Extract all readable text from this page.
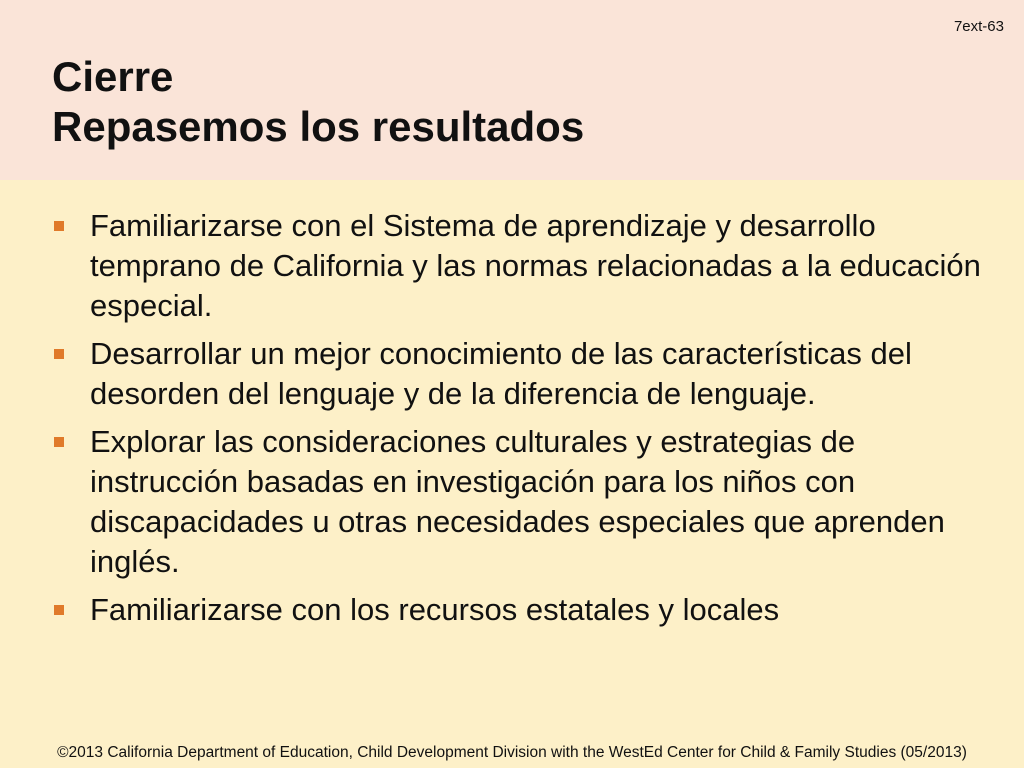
7ext-63
Cierre
Repasemos los resultados
Familiarizarse con el Sistema de aprendizaje y desarrollo temprano de California y las normas relacionadas a la educación especial.
Desarrollar un mejor conocimiento de las características del desorden del lenguaje y de la diferencia de lenguaje.
Explorar las consideraciones culturales y estrategias de instrucción basadas en investigación para los niños con discapacidades u otras necesidades especiales que aprenden inglés.
Familiarizarse con los recursos estatales y locales
©2013 California Department of Education, Child Development Division with the WestEd Center for Child & Family Studies (05/2013)
